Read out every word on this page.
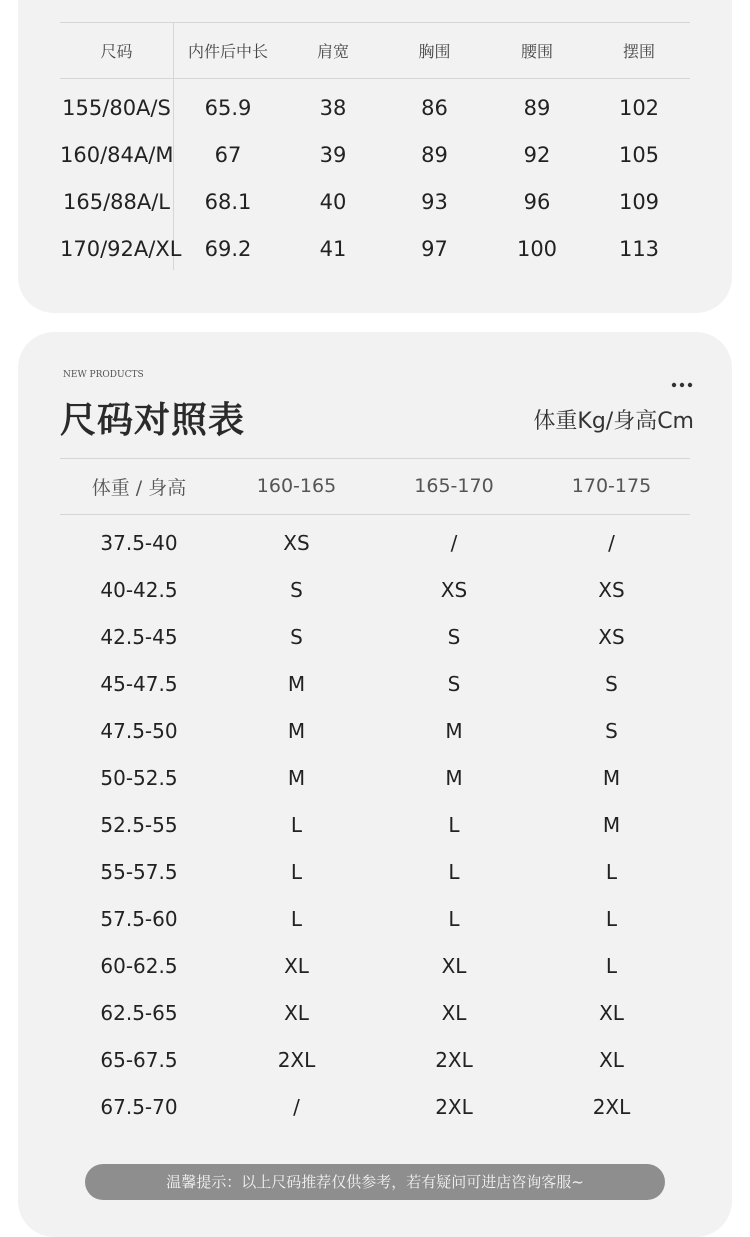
尺码	内件后中长	肩宽	胸围	腰围	摆围
155/80A/S	65.9	38	86	89	102
160/84A/M	67	39	89	92	105
165/88A/L	68.1	40	93	96	109
170/92A/XL	69.2	41	97	100	113
NEW PRODUCTS
尺码对照表	体重Kg/身高Cm
体重 / 身高	160-165	165-170	170-175
37.5-40	XS	/	/
40-42.5	S	XS	XS
42.5-45	S	S	XS
45-47.5	M	S	S
47.5-50	M	M	S
50-52.5	M	M	M
52.5-55	L	L	M
55-57.5	L	L	L
57.5-60	L	L	L
60-62.5	XL	XL	L
62.5-65	XL	XL	XL
65-67.5	2XL	2XL	XL
67.5-70	/	2XL	2XL
温馨提示：以上尺码推荐仅供参考，若有疑问可进店咨询客服~
